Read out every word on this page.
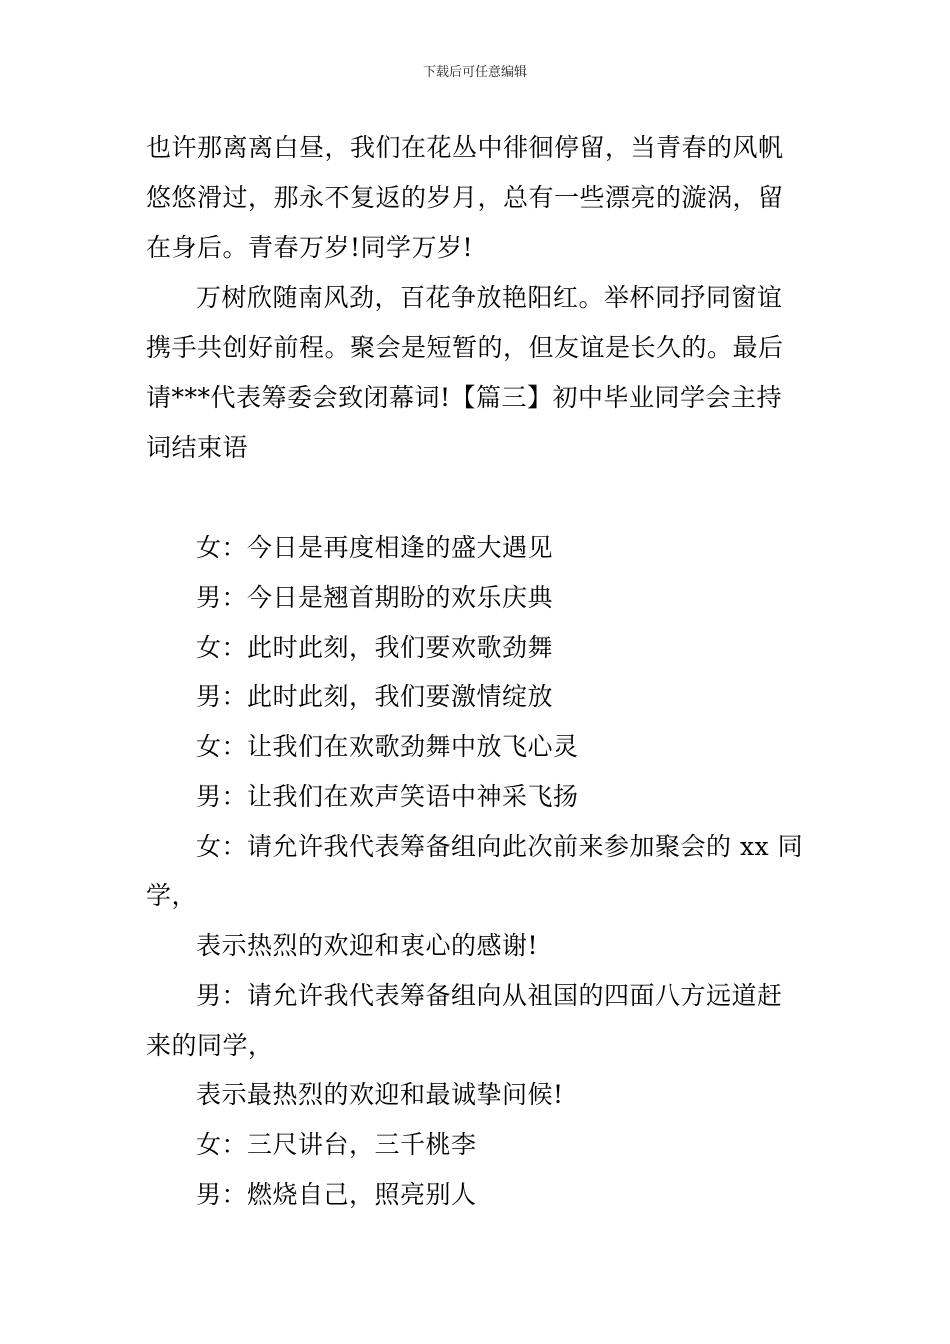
下载后可任意编辑
也许那离离白昼，我们在花丛中徘徊停留，当青春的风帆
悠悠滑过，那永不复返的岁月，总有一些漂亮的漩涡，留
在身后。青春万岁!同学万岁!
万树欣随南风劲，百花争放艳阳红。举杯同抒同窗谊
携手共创好前程。聚会是短暂的，但友谊是长久的。最后
请***代表筹委会致闭幕词!【篇三】初中毕业同学会主持
词结束语
女：今日是再度相逢的盛大遇见
男：今日是翘首期盼的欢乐庆典
女：此时此刻，我们要欢歌劲舞
男：此时此刻，我们要激情绽放
女：让我们在欢歌劲舞中放飞心灵
男：让我们在欢声笑语中神采飞扬
女：请允许我代表筹备组向此次前来参加聚会的 xx 同
学，
表示热烈的欢迎和衷心的感谢!
男：请允许我代表筹备组向从祖国的四面八方远道赶
来的同学，
表示最热烈的欢迎和最诚挚问候!
女：三尺讲台，三千桃李
男：燃烧自己，照亮别人
